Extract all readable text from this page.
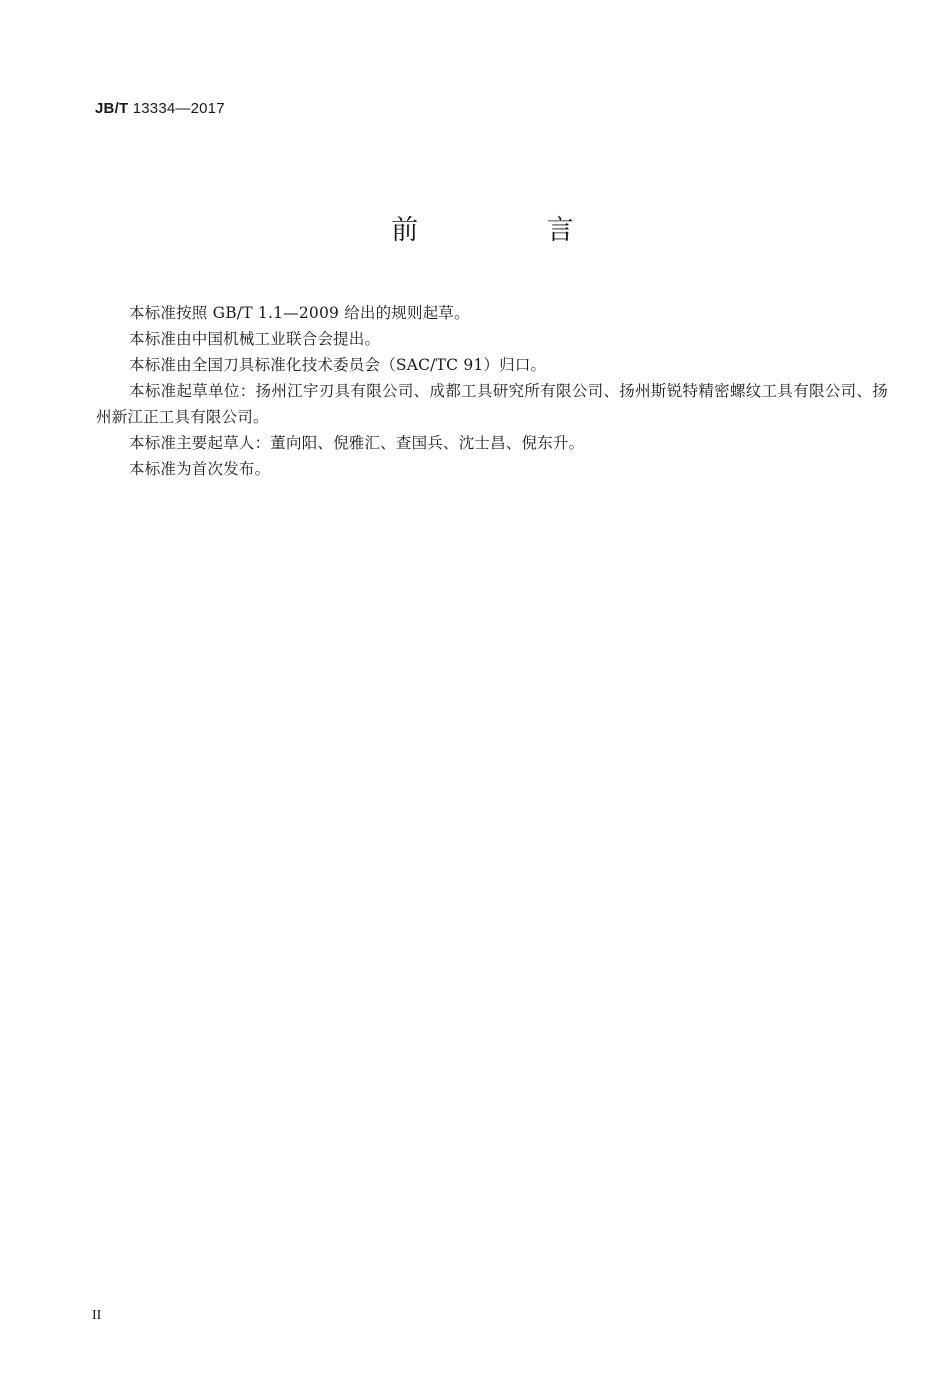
JB/T 13334—2017
前 言

本标准按照 GB/T 1.1—2009 给出的规则起草。

本标准由中国机械工业联合会提出。

本标准由全国刀具标准化技术委员会（SAC/TC 91）归口。

本标准起草单位：扬州江宇刃具有限公司、成都工具研究所有限公司、扬州斯锐特精密螺纹工具有限公司、扬州新江正工具有限公司。

本标准主要起草人：董向阳、倪雅汇、查国兵、沈士昌、倪东升。

本标准为首次发布。

II
